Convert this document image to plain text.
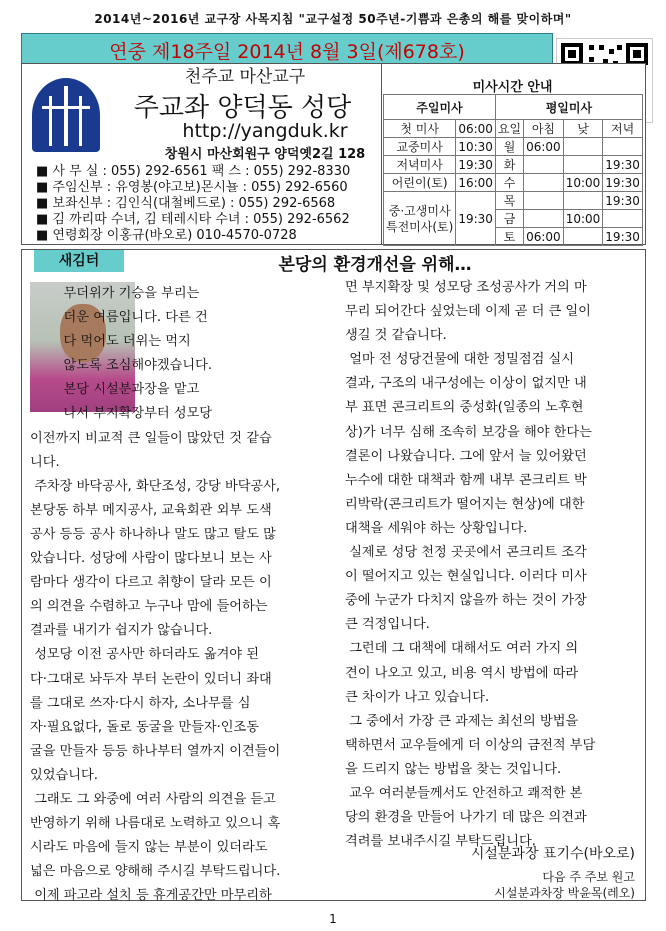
2014년~2016년 교구장 사목지침 "교구설정 50주년-기쁨과 은총의 해를 맞이하며"
연중 제18주일 2014년 8월 3일(제678호)
천주교 마산교구
주교좌 양덕동 성당
http://yangduk.kr
창원시 마산회원구 양덕옛2길 128
■ 사 무 실 : 055) 292-6561 팩 스 : 055) 292-8330
■ 주임신부 : 유영봉(야고보)몬시뇰 : 055) 292-6560
■ 보좌신부 : 김인식(대철베드로) : 055) 292-6568
■ 김 까리따 수녀, 김 테레시타 수녀 : 055) 292-6562
■ 연령회장 이홍규(바오로) 010-4570-0728
미사시간 안내
주일미사		평일미사			
첫 미사	06:00	요일	아침	낮	저녁
교중미사	10:30	월	06:00		
저녁미사	19:30	화			19:30
어린이(토)	16:00	수		10:00	19:30
중·고생미사
특전미사(토)	19:30	목			19:30
		금		10:00	
		토	06:00		19:30
새김터	본당의 환경개선을 위해…

무더위가 기승을 부리는

더운 여름입니다. 다른 건

다 먹어도 더위는 먹지

않도록 조심해야겠습니다.

본당 시설분과장을 맡고

나서 부지확장부터 성모당

이전까지 비교적 큰 일들이 많았던 것 같습

니다.

주차장 바닥공사, 화단조성, 강당 바닥공사,

본당동 하부 메지공사, 교육회관 외부 도색

공사 등등 공사 하나하나 말도 많고 탈도 많

았습니다. 성당에 사람이 많다보니 보는 사

람마다 생각이 다르고 취향이 달라 모든 이

의 의견을 수렴하고 누구나 맘에 들어하는

결과를 내기가 쉽지가 않습니다.

성모당 이전 공사만 하더라도 옮겨야 된

다·그대로 놔두자 부터 논란이 있더니 좌대

를 그대로 쓰자·다시 하자, 소나무를 심

자·필요없다, 돌로 동굴을 만들자·인조동

굴을 만들자 등등 하나부터 열까지 이견들이

있었습니다.

그래도 그 와중에 여러 사람의 의견을 듣고

반영하기 위해 나름대로 노력하고 있으니 혹

시라도 마음에 들지 않는 부분이 있더라도

넓은 마음으로 양해해 주시길 부탁드립니다.

이제 파고라 설치 등 휴게공간만 마무리하

면 부지확장 및 성모당 조성공사가 거의 마

무리 되어간다 싶었는데 이제 곧 더 큰 일이

생길 것 같습니다.

얼마 전 성당건물에 대한 정밀점검 실시

결과, 구조의 내구성에는 이상이 없지만 내

부 표면 콘크리트의 중성화(일종의 노후현

상)가 너무 심해 조속히 보강을 해야 한다는

결론이 나왔습니다. 그에 앞서 늘 있어왔던

누수에 대한 대책과 함께 내부 콘크리트 박

리박락(콘크리트가 떨어지는 현상)에 대한

대책을 세워야 하는 상황입니다.

실제로 성당 천정 곳곳에서 콘크리트 조각

이 떨어지고 있는 현실입니다. 이러다 미사

중에 누군가 다치지 않을까 하는 것이 가장

큰 걱정입니다.

그런데 그 대책에 대해서도 여러 가지 의

견이 나오고 있고, 비용 역시 방법에 따라

큰 차이가 나고 있습니다.

그 중에서 가장 큰 과제는 최선의 방법을

택하면서 교우들에게 더 이상의 금전적 부담

을 드리지 않는 방법을 찾는 것입니다.

교우 여러분들께서도 안전하고 쾌적한 본

당의 환경을 만들어 나가기 데 많은 의견과

격려를 보내주시길 부탁드립니다.

시설분과장 표기수(바오로)
다음 주 주보 원고
시설분과차장 박윤목(레오)
1
